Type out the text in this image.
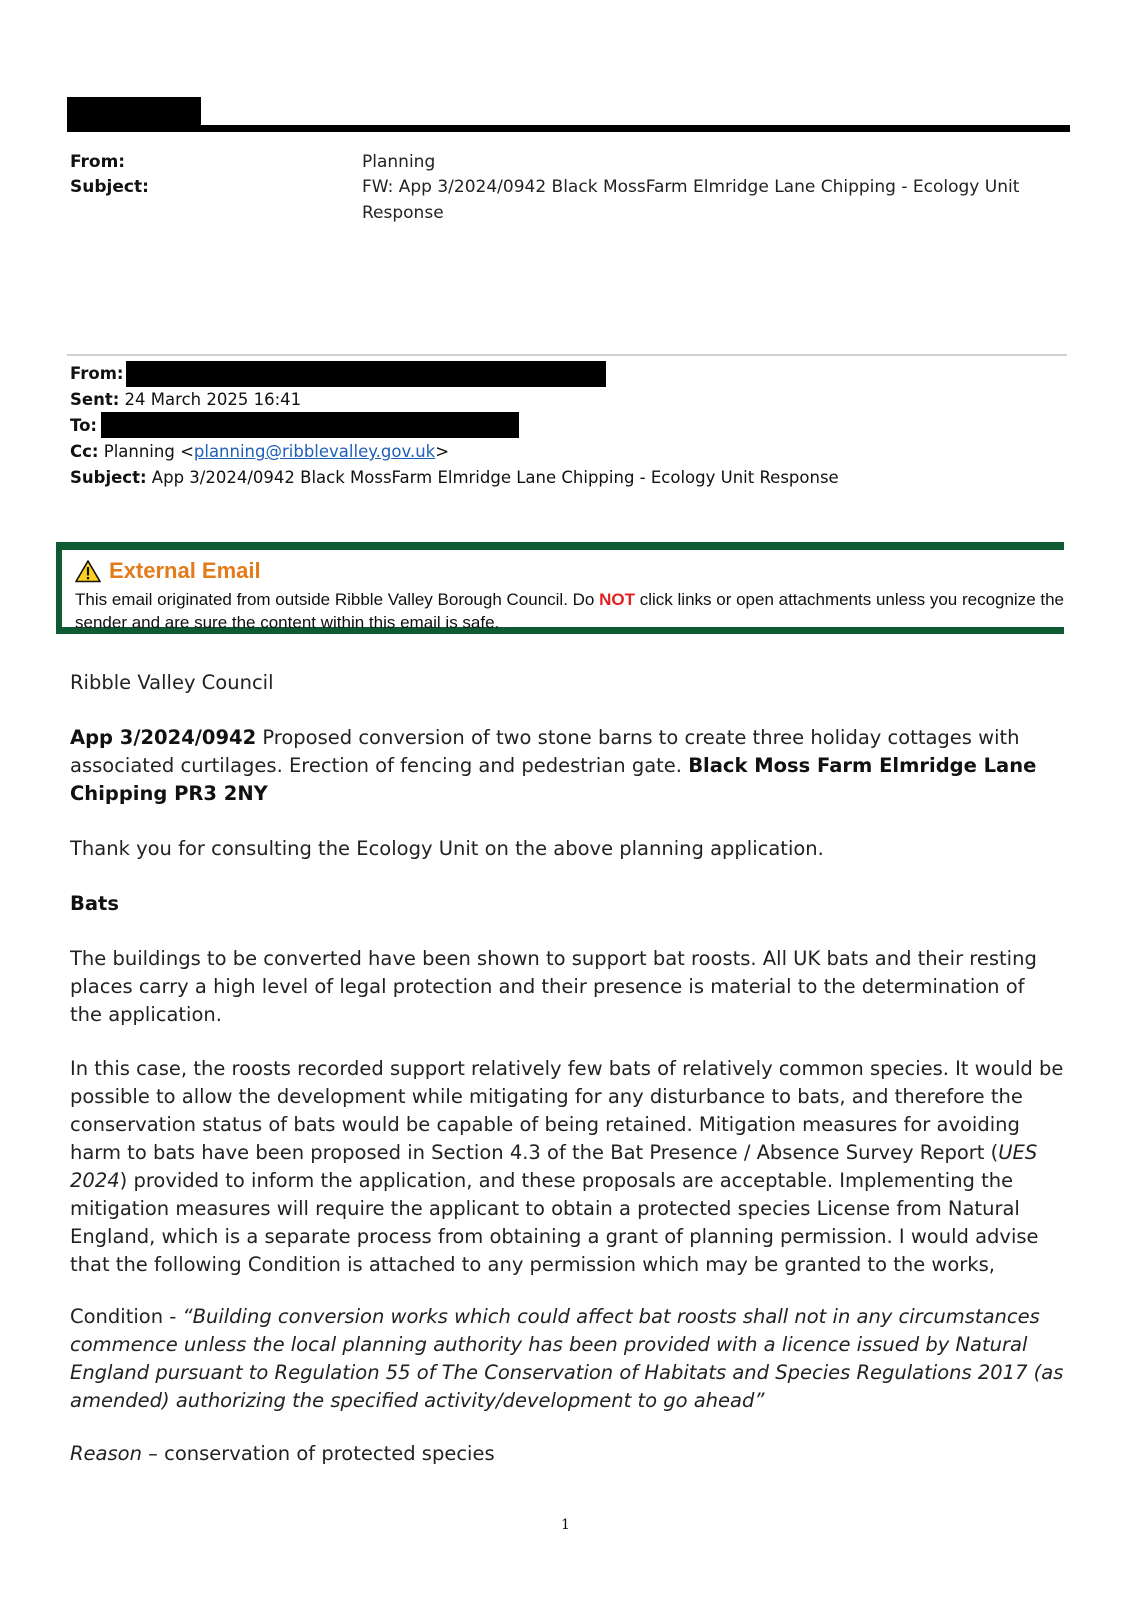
From:	Planning
Subject:	FW: App 3/2024/0942 Black MossFarm Elmridge Lane Chipping - Ecology Unit Response
From:
Sent: 24 March 2025 16:41
To:
Cc: Planning <planning@ribblevalley.gov.uk>
Subject: App 3/2024/0942 Black MossFarm Elmridge Lane Chipping - Ecology Unit Response
External Email
This email originated from outside Ribble Valley Borough Council. Do NOT click links or open attachments unless you recognize the sender and are sure the content within this email is safe.
Ribble Valley Council
App 3/2024/0942 Proposed conversion of two stone barns to create three holiday cottages with associated curtilages. Erection of fencing and pedestrian gate. Black Moss Farm Elmridge Lane Chipping PR3 2NY
Thank you for consulting the Ecology Unit on the above planning application.
Bats
The buildings to be converted have been shown to support bat roosts. All UK bats and their resting places carry a high level of legal protection and their presence is material to the determination of the application.
In this case, the roosts recorded support relatively few bats of relatively common species. It would be possible to allow the development while mitigating for any disturbance to bats, and therefore the conservation status of bats would be capable of being retained. Mitigation measures for avoiding harm to bats have been proposed in Section 4.3 of the Bat Presence / Absence Survey Report (UES 2024) provided to inform the application, and these proposals are acceptable. Implementing the mitigation measures will require the applicant to obtain a protected species License from Natural England, which is a separate process from obtaining a grant of planning permission. I would advise that the following Condition is attached to any permission which may be granted to the works,
Condition - “Building conversion works which could affect bat roosts shall not in any circumstances commence unless the local planning authority has been provided with a licence issued by Natural England pursuant to Regulation 55 of The Conservation of Habitats and Species Regulations 2017 (as amended) authorizing the specified activity/development to go ahead”
Reason – conservation of protected species
1
